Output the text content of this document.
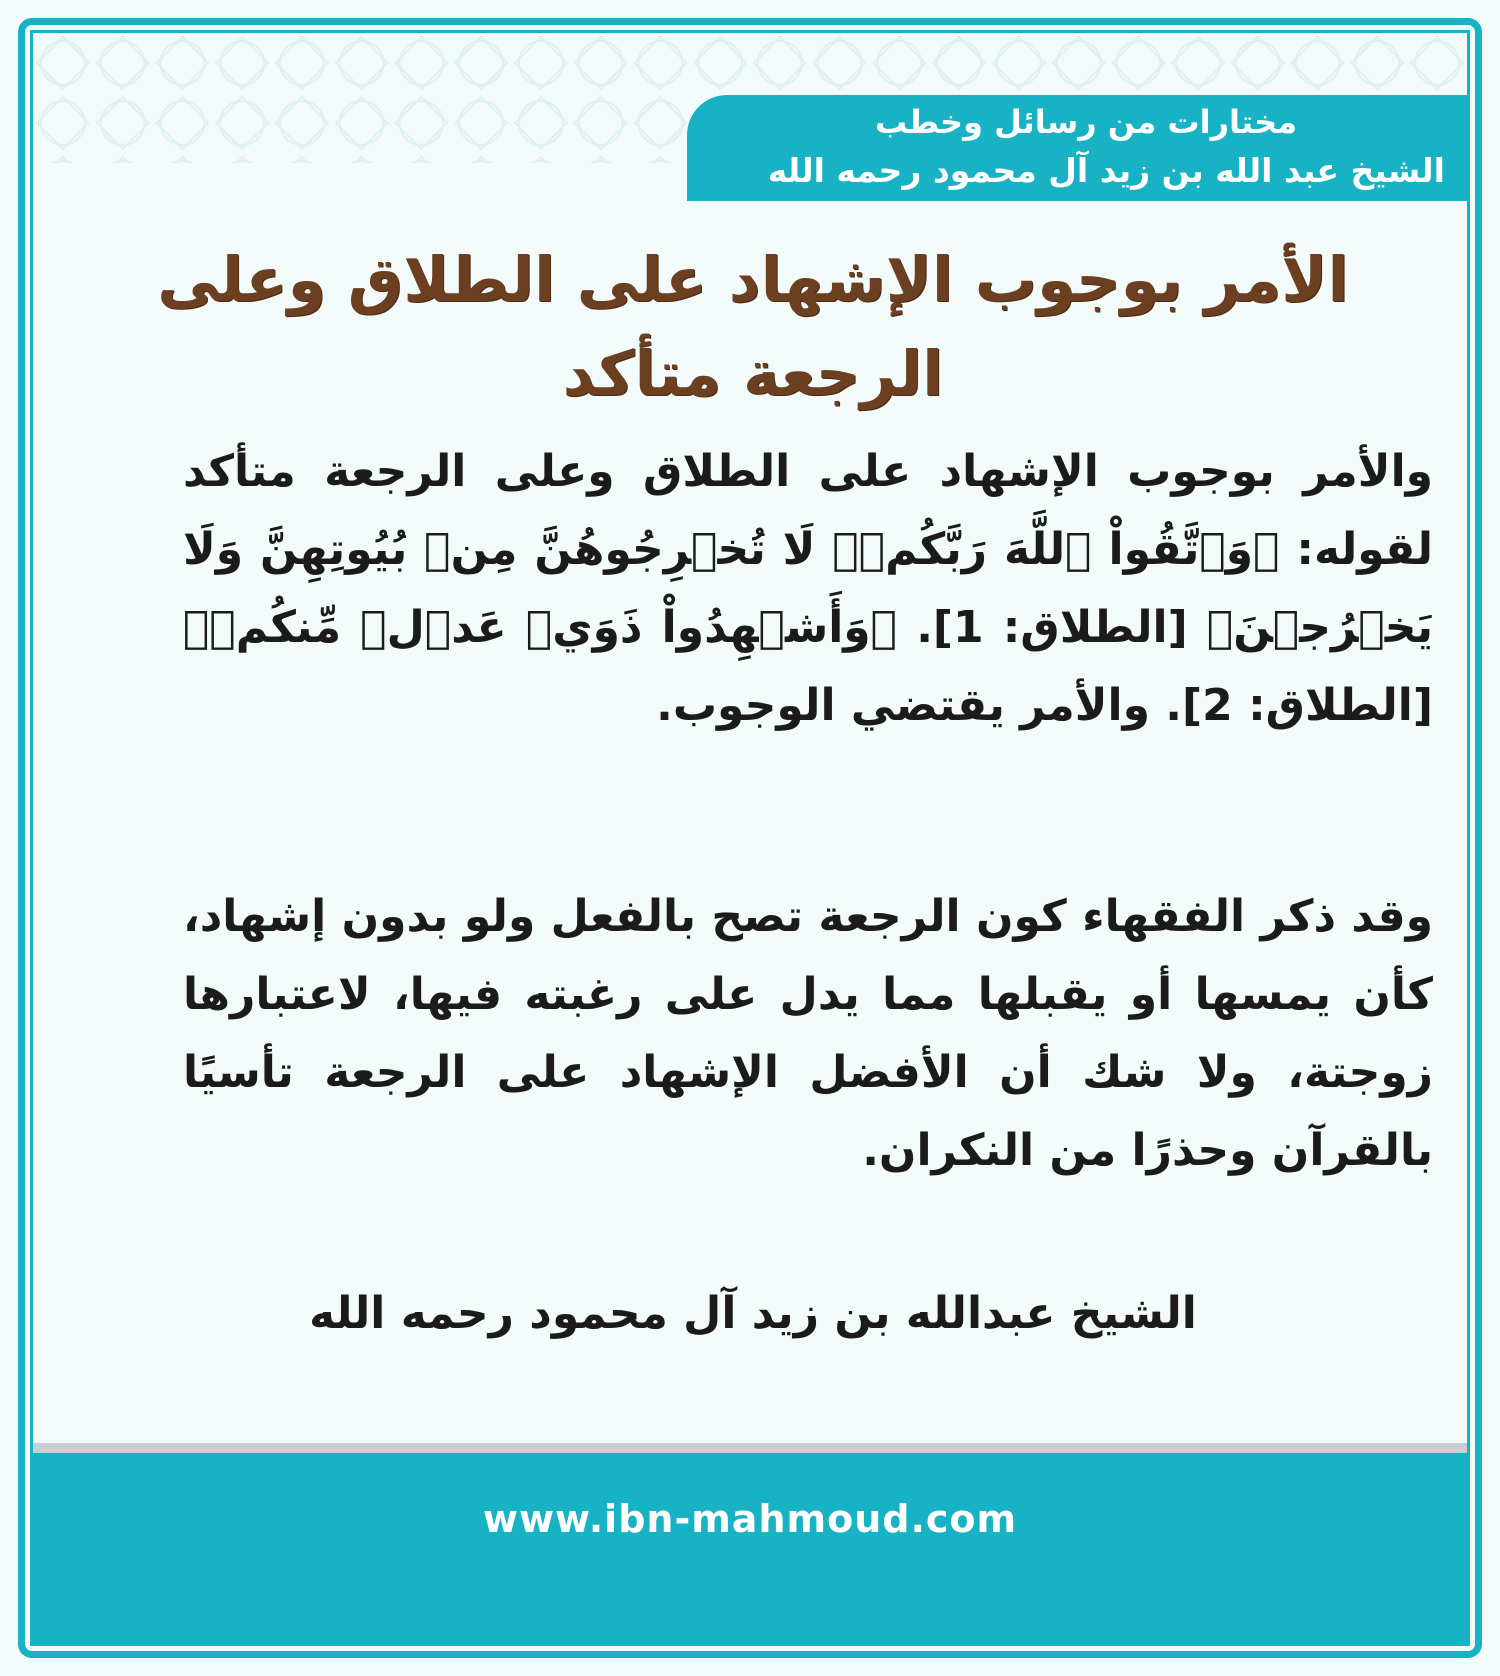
مختارات من رسائل وخطب
الشيخ عبد الله بن زيد آل محمود رحمه الله
الأمر بوجوب الإشهاد على الطلاق وعلى الرجعة متأكد
والأمر بوجوب الإشهاد على الطلاق وعلى الرجعة متأكد لقوله: ﴿وَٱتَّقُواْ ٱللَّهَ رَبَّكُمۡۖ لَا تُخۡرِجُوهُنَّ مِنۢ بُيُوتِهِنَّ وَلَا يَخۡرُجۡنَ﴾ [الطلاق: 1]. ﴿وَأَشۡهِدُواْ ذَوَيۡ عَدۡلٖ مِّنكُمۡ﴾ [الطلاق: 2]. والأمر يقتضي الوجوب.
وقد ذكر الفقهاء كون الرجعة تصح بالفعل ولو بدون إشهاد، كأن يمسها أو يقبلها مما يدل على رغبته فيها، لاعتبارها زوجتة، ولا شك أن الأفضل الإشهاد على الرجعة تأسيًا بالقرآن وحذرًا من النكران.
الشيخ عبدالله بن زيد آل محمود رحمه الله
www.ibn-mahmoud.com
